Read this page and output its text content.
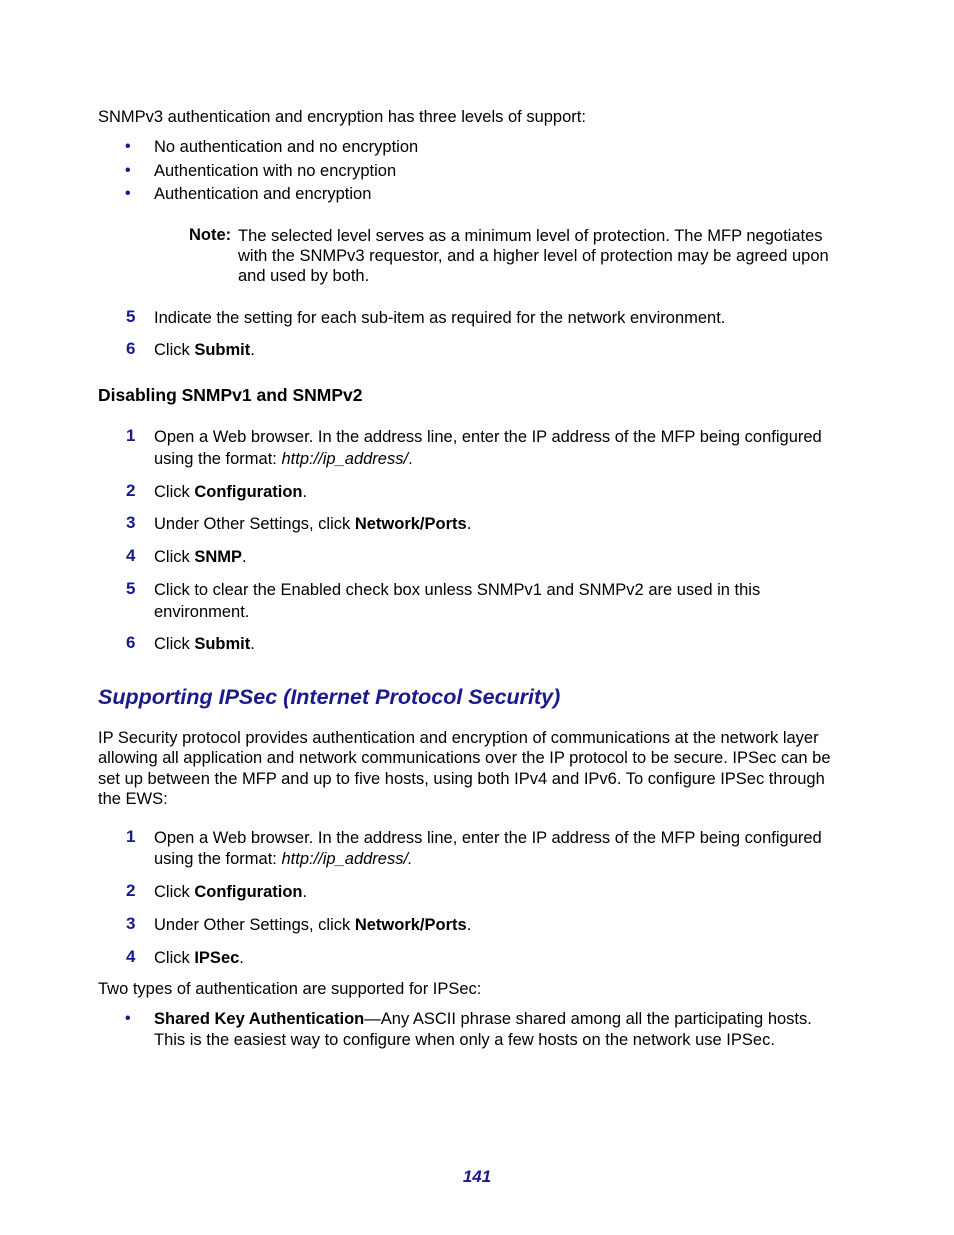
SNMPv3 authentication and encryption has three levels of support:
• No authentication and no encryption
• Authentication with no encryption
• Authentication and encryption
Note: The selected level serves as a minimum level of protection. The MFP negotiates
with the SNMPv3 requestor, and a higher level of protection may be agreed upon
and used by both.
5 Indicate the setting for each sub-item as required for the network environment.
6 Click Submit.
Disabling SNMPv1 and SNMPv2
1 Open a Web browser. In the address line, enter the IP address of the MFP being configured
using the format: http://ip_address/.
2 Click Configuration.
3 Under Other Settings, click Network/Ports.
4 Click SNMP.
5 Click to clear the Enabled check box unless SNMPv1 and SNMPv2 are used in this
environment.
6 Click Submit.
Supporting IPSec (Internet Protocol Security)
IP Security protocol provides authentication and encryption of communications at the network layer
allowing all application and network communications over the IP protocol to be secure. IPSec can be
set up between the MFP and up to five hosts, using both IPv4 and IPv6. To configure IPSec through
the EWS:
1 Open a Web browser. In the address line, enter the IP address of the MFP being configured
using the format: http://ip_address/.
2 Click Configuration.
3 Under Other Settings, click Network/Ports.
4 Click IPSec.
Two types of authentication are supported for IPSec:
• Shared Key Authentication—Any ASCII phrase shared among all the participating hosts.
This is the easiest way to configure when only a few hosts on the network use IPSec.
141
